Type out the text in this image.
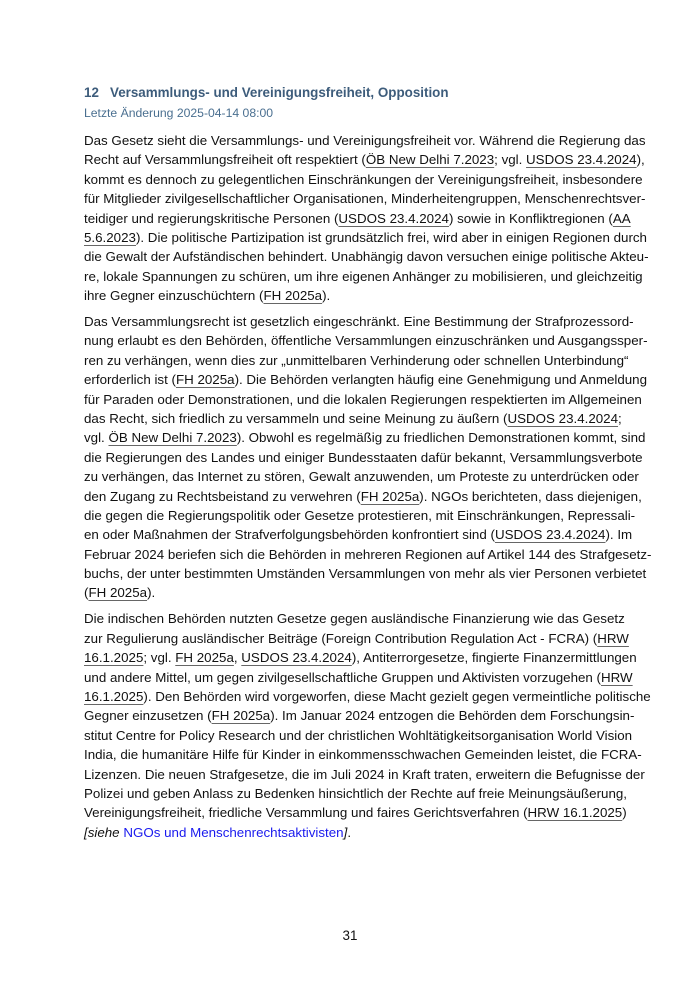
12 Versammlungs- und Vereinigungsfreiheit, Opposition
Letzte Änderung 2025-04-14 08:00
Das Gesetz sieht die Versammlungs- und Vereinigungsfreiheit vor. Während die Regierung das
Recht auf Versammlungsfreiheit oft respektiert (ÖB New Delhi 7.2023; vgl. USDOS 23.4.2024),
kommt es dennoch zu gelegentlichen Einschränkungen der Vereinigungsfreiheit, insbesondere
für Mitglieder zivilgesellschaftlicher Organisationen, Minderheitengruppen, Menschenrechtsver-
teidiger und regierungskritische Personen (USDOS 23.4.2024) sowie in Konfliktregionen (AA
5.6.2023). Die politische Partizipation ist grundsätzlich frei, wird aber in einigen Regionen durch
die Gewalt der Aufständischen behindert. Unabhängig davon versuchen einige politische Akteu-
re, lokale Spannungen zu schüren, um ihre eigenen Anhänger zu mobilisieren, und gleichzeitig
ihre Gegner einzuschüchtern (FH 2025a).
Das Versammlungsrecht ist gesetzlich eingeschränkt. Eine Bestimmung der Strafprozessord-
nung erlaubt es den Behörden, öffentliche Versammlungen einzuschränken und Ausgangssper-
ren zu verhängen, wenn dies zur „unmittelbaren Verhinderung oder schnellen Unterbindung“
erforderlich ist (FH 2025a). Die Behörden verlangten häufig eine Genehmigung und Anmeldung
für Paraden oder Demonstrationen, und die lokalen Regierungen respektierten im Allgemeinen
das Recht, sich friedlich zu versammeln und seine Meinung zu äußern (USDOS 23.4.2024;
vgl. ÖB New Delhi 7.2023). Obwohl es regelmäßig zu friedlichen Demonstrationen kommt, sind
die Regierungen des Landes und einiger Bundesstaaten dafür bekannt, Versammlungsverbote
zu verhängen, das Internet zu stören, Gewalt anzuwenden, um Proteste zu unterdrücken oder
den Zugang zu Rechtsbeistand zu verwehren (FH 2025a). NGOs berichteten, dass diejenigen,
die gegen die Regierungspolitik oder Gesetze protestieren, mit Einschränkungen, Repressali-
en oder Maßnahmen der Strafverfolgungsbehörden konfrontiert sind (USDOS 23.4.2024). Im
Februar 2024 beriefen sich die Behörden in mehreren Regionen auf Artikel 144 des Strafgesetz-
buchs, der unter bestimmten Umständen Versammlungen von mehr als vier Personen verbietet
(FH 2025a).
Die indischen Behörden nutzten Gesetze gegen ausländische Finanzierung wie das Gesetz
zur Regulierung ausländischer Beiträge (Foreign Contribution Regulation Act - FCRA) (HRW
16.1.2025; vgl. FH 2025a, USDOS 23.4.2024), Antiterrorgesetze, fingierte Finanzermittlungen
und andere Mittel, um gegen zivilgesellschaftliche Gruppen und Aktivisten vorzugehen (HRW
16.1.2025). Den Behörden wird vorgeworfen, diese Macht gezielt gegen vermeintliche politische
Gegner einzusetzen (FH 2025a). Im Januar 2024 entzogen die Behörden dem Forschungsin-
stitut Centre for Policy Research und der christlichen Wohltätigkeitsorganisation World Vision
India, die humanitäre Hilfe für Kinder in einkommensschwachen Gemeinden leistet, die FCRA-
Lizenzen. Die neuen Strafgesetze, die im Juli 2024 in Kraft traten, erweitern die Befugnisse der
Polizei und geben Anlass zu Bedenken hinsichtlich der Rechte auf freie Meinungsäußerung,
Vereinigungsfreiheit, friedliche Versammlung und faires Gerichtsverfahren (HRW 16.1.2025)
[siehe NGOs und Menschenrechtsaktivisten].
31
